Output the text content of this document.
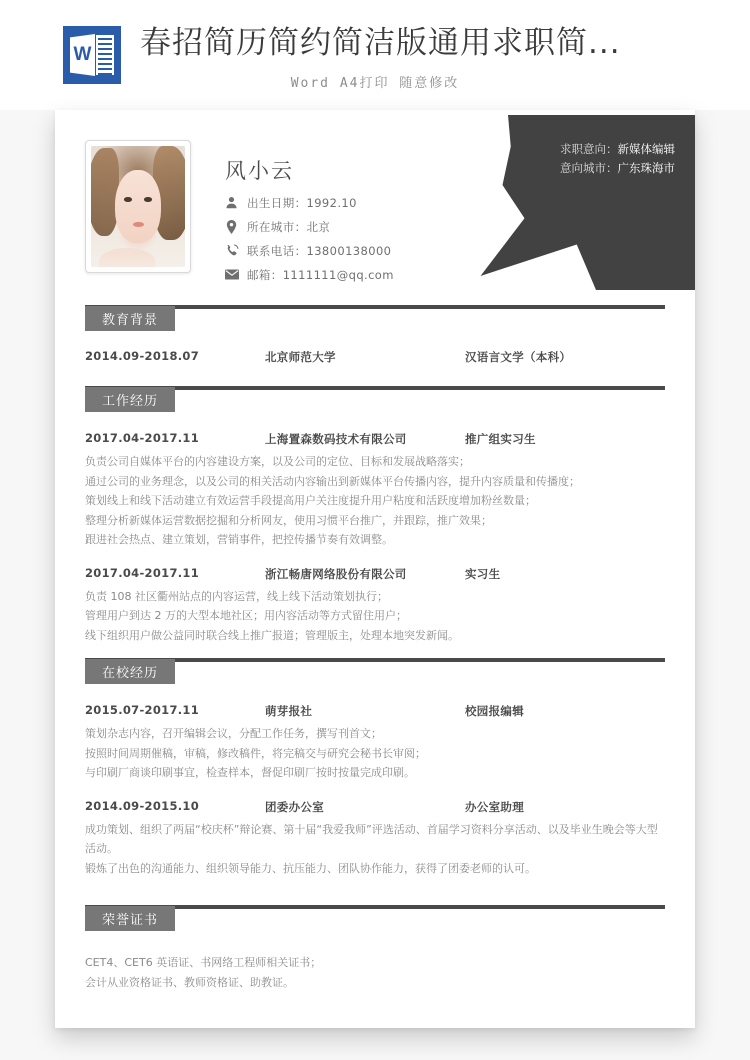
W 春招简历简约简洁版通用求职简...
Word A4打印 随意修改
求职意向：新媒体编辑
意向城市：广东珠海市
风小云
出生日期：1992.10
所在城市：北京
联系电话：13800138000
邮箱：1111111@qq.com
教育背景
2014.09-2018.07	北京师范大学	汉语言文学（本科）
工作经历
2017.04-2017.11	上海置森数码技术有限公司	推广组实习生
负责公司自媒体平台的内容建设方案，以及公司的定位、目标和发展战略落实；
通过公司的业务理念，以及公司的相关活动内容输出到新媒体平台传播内容，提升内容质量和传播度；
策划线上和线下活动建立有效运营手段提高用户关注度提升用户粘度和活跃度增加粉丝数量；
整理分析新媒体运营数据挖掘和分析网友，使用习惯平台推广，并跟踪，推广效果；
跟进社会热点、建立策划，营销事件，把控传播节奏有效调整。
2017.04-2017.11	浙江畅唐网络股份有限公司	实习生
负责 108 社区衢州站点的内容运营，线上线下活动策划执行；
管理用户到达 2 万的大型本地社区；用内容活动等方式留住用户；
线下组织用户做公益同时联合线上推广报道；管理版主，处理本地突发新闻。
在校经历
2015.07-2017.11	萌芽报社	校园报编辑
策划杂志内容，召开编辑会议，分配工作任务，撰写刊首文；
按照时间周期催稿，审稿，修改稿件，将完稿交与研究会秘书长审阅；
与印刷厂商谈印刷事宜，检查样本，督促印刷厂按时按量完成印刷。
2014.09-2015.10	团委办公室	办公室助理
成功策划、组织了两届“校庆杯”辩论赛、第十届“我爱我师”评选活动、首届学习资料分享活动、以及毕业生晚会等大型活动。
锻炼了出色的沟通能力、组织领导能力、抗压能力、团队协作能力，获得了团委老师的认可。
荣誉证书
CET4、CET6 英语证、书网络工程师相关证书；
会计从业资格证书、教师资格证、助教证。
